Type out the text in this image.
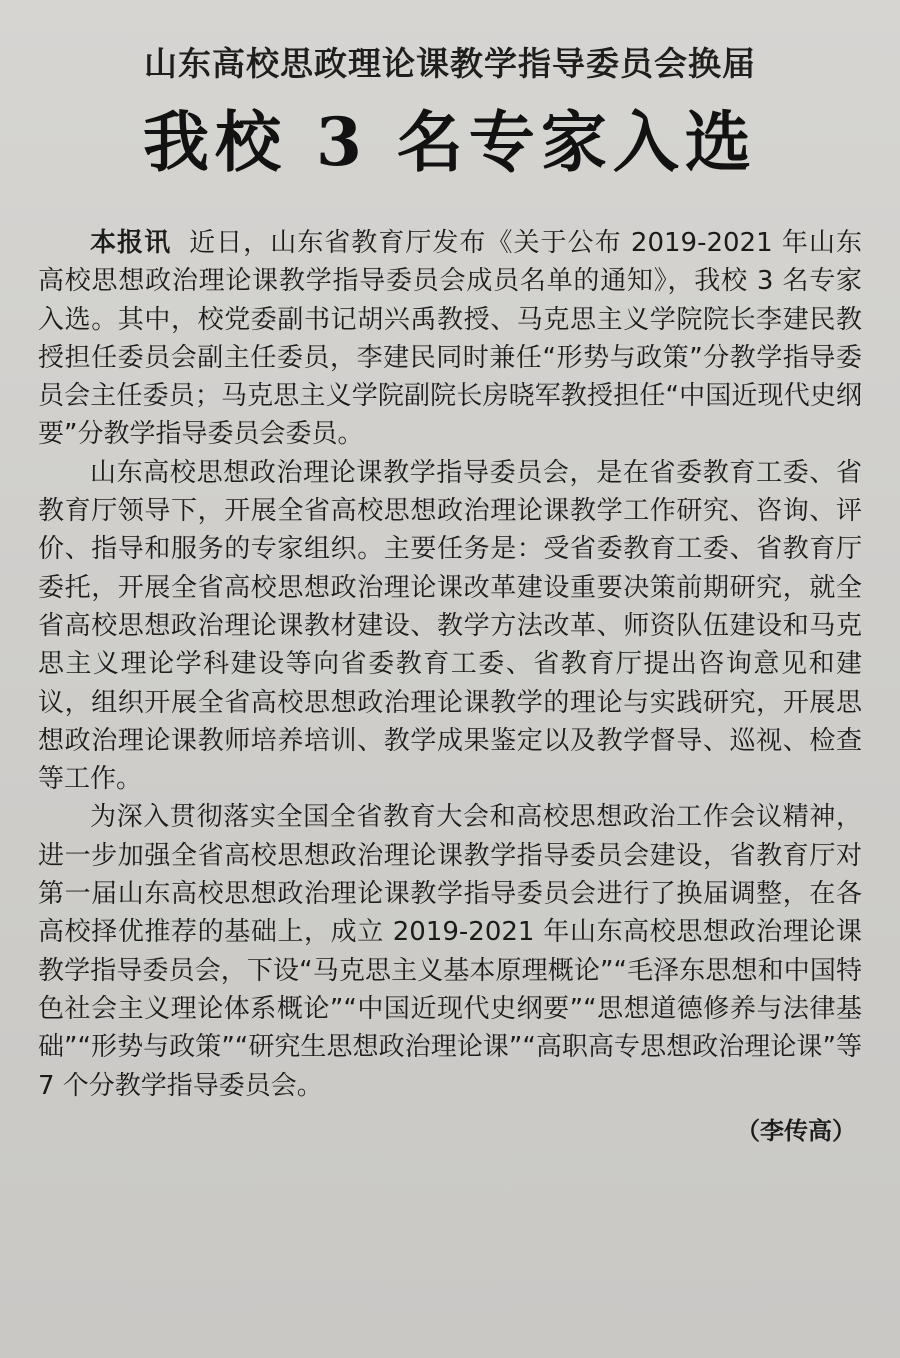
山东高校思政理论课教学指导委员会换届
我校 3 名专家入选

本报讯 近日，山东省教育厅发布《关于公布 2019-2021 年山东高校思想政治理论课教学指导委员会成员名单的通知》，我校 3 名专家入选。其中，校党委副书记胡兴禹教授、马克思主义学院院长李建民教授担任委员会副主任委员，李建民同时兼任“形势与政策”分教学指导委员会主任委员；马克思主义学院副院长房晓军教授担任“中国近现代史纲要”分教学指导委员会委员。

山东高校思想政治理论课教学指导委员会，是在省委教育工委、省教育厅领导下，开展全省高校思想政治理论课教学工作研究、咨询、评价、指导和服务的专家组织。主要任务是：受省委教育工委、省教育厅委托，开展全省高校思想政治理论课改革建设重要决策前期研究，就全省高校思想政治理论课教材建设、教学方法改革、师资队伍建设和马克思主义理论学科建设等向省委教育工委、省教育厅提出咨询意见和建议，组织开展全省高校思想政治理论课教学的理论与实践研究，开展思想政治理论课教师培养培训、教学成果鉴定以及教学督导、巡视、检查等工作。

为深入贯彻落实全国全省教育大会和高校思想政治工作会议精神，进一步加强全省高校思想政治理论课教学指导委员会建设，省教育厅对第一届山东高校思想政治理论课教学指导委员会进行了换届调整，在各高校择优推荐的基础上，成立 2019-2021 年山东高校思想政治理论课教学指导委员会，下设“马克思主义基本原理概论”“毛泽东思想和中国特色社会主义理论体系概论”“中国近现代史纲要”“思想道德修养与法律基础”“形势与政策”“研究生思想政治理论课”“高职高专思想政治理论课”等 7 个分教学指导委员会。

（李传高）
